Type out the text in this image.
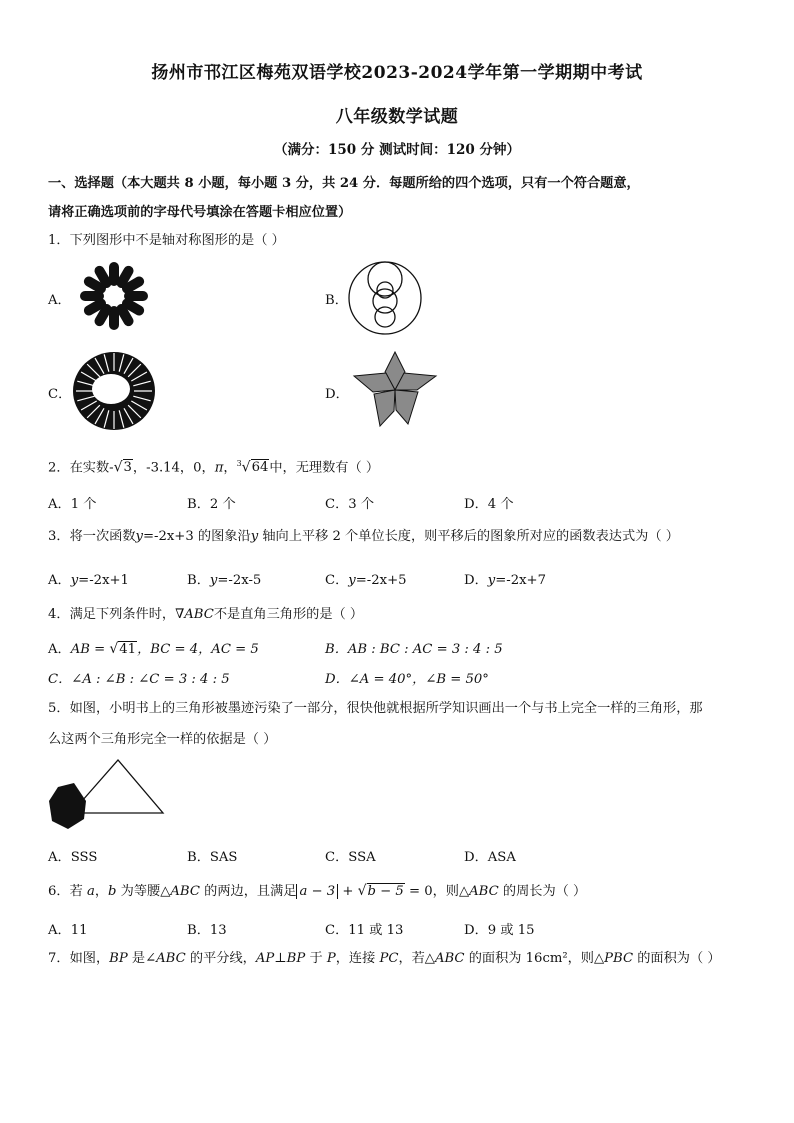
扬州市邗江区梅苑双语学校2023-2024学年第一学期期中考试
八年级数学试题
（满分：150 分 测试时间：120 分钟）
一、选择题（本大题共 8 小题，每小题 3 分，共 24 分．每题所给的四个选项，只有一个符合题意，
请将正确选项前的字母代号填涂在答题卡相应位置）
1．下列图形中不是轴对称图形的是（ ）
A．	B．
C．	D．
2．在实数-√3，-3.14，0，π，$^3$√64中，无理数有（ ）
A．1 个	B．2 个	C．3 个	D．4 个
3．将一次函数y=-2x+3 的图象沿y 轴向上平移 2 个单位长度，则平移后的图象所对应的函数表达式为（ ）
A．y=-2x+1	B．y=-2x-5	C．y=-2x+5	D．y=-2x+7
4．满足下列条件时，∇ABC不是直角三角形的是（ ）
A．AB = √41，BC = 4，AC = 5	B．AB : BC : AC = 3 : 4 : 5
C．∠A : ∠B : ∠C = 3 : 4 : 5	D．∠A = 40°，∠B = 50°
5．如图，小明书上的三角形被墨迹污染了一部分，很快他就根据所学知识画出一个与书上完全一样的三角形，那
么这两个三角形完全一样的依据是（ ）
A．SSS	B．SAS	C．SSA	D．ASA
6．若 a，b 为等腰△ABC 的两边，且满足 a − 3 + √b − 5 = 0，则△ABC 的周长为（ ）
A．11	B．13	C．11 或 13	D．9 或 15
7．如图，BP 是∠ABC 的平分线，AP⊥BP 于 P，连接 PC，若△ABC 的面积为 16cm²，则△PBC 的面积为（ ）
